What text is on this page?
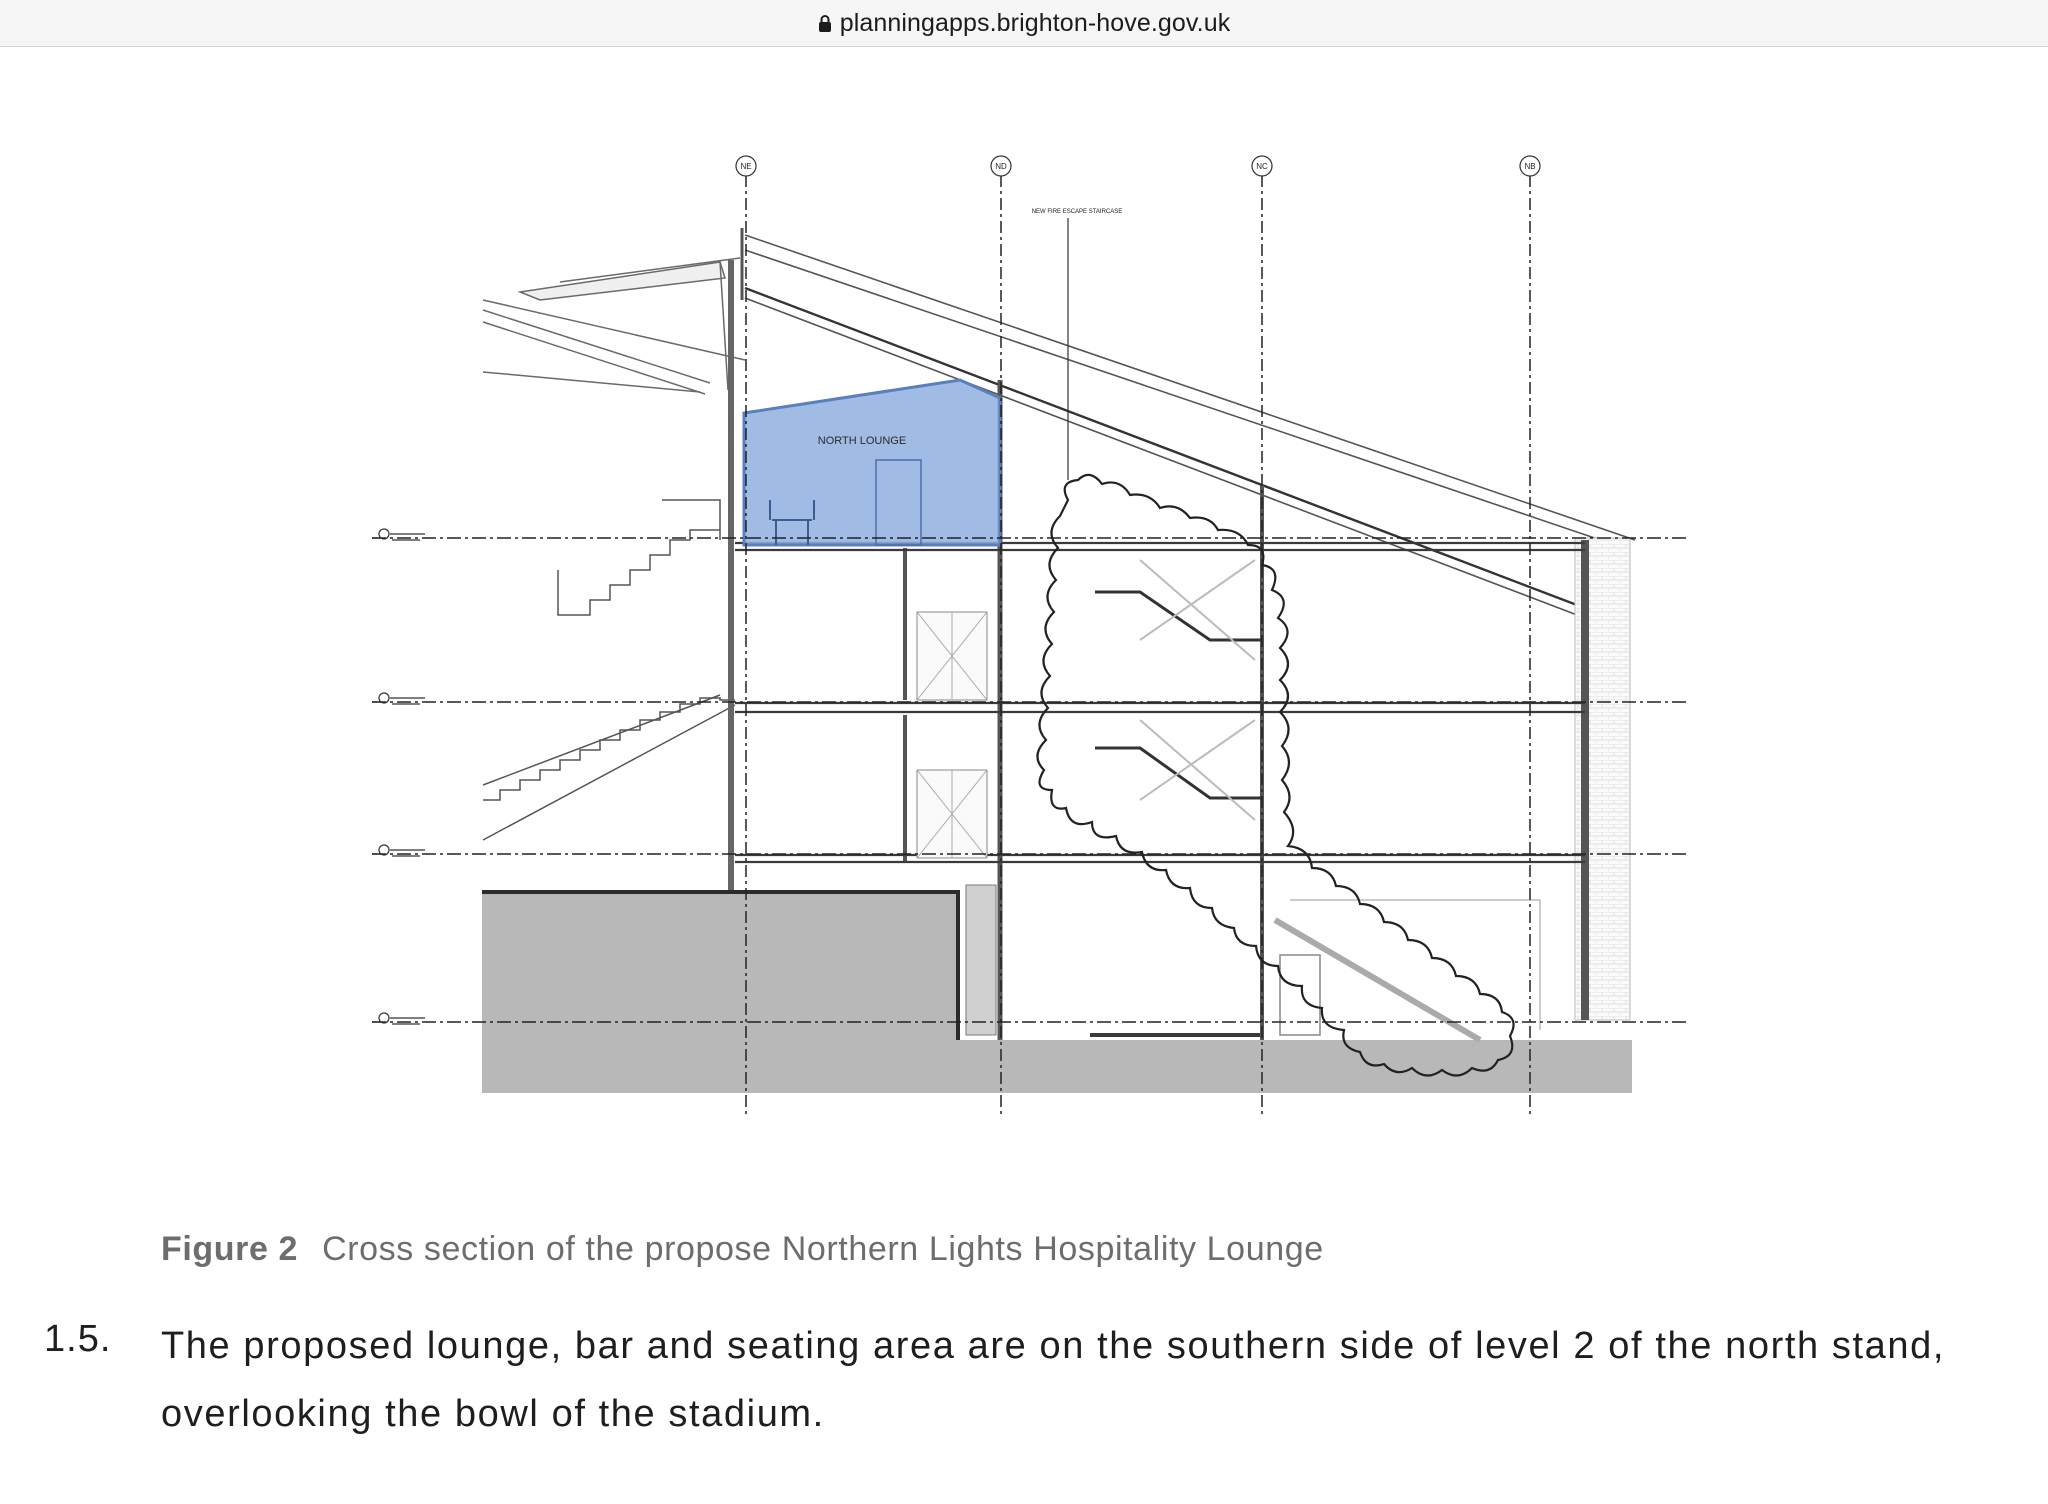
planningapps.brighton-hove.gov.uk
NORTH LOUNGE
NE	ND	NC	NB
NEW FIRE ESCAPE STAIRCASE
Figure 2 Cross section of the propose Northern Lights Hospitality Lounge
1.5. The proposed lounge, bar and seating area are on the southern side of level 2 of the north stand, overlooking the bowl of the stadium.
